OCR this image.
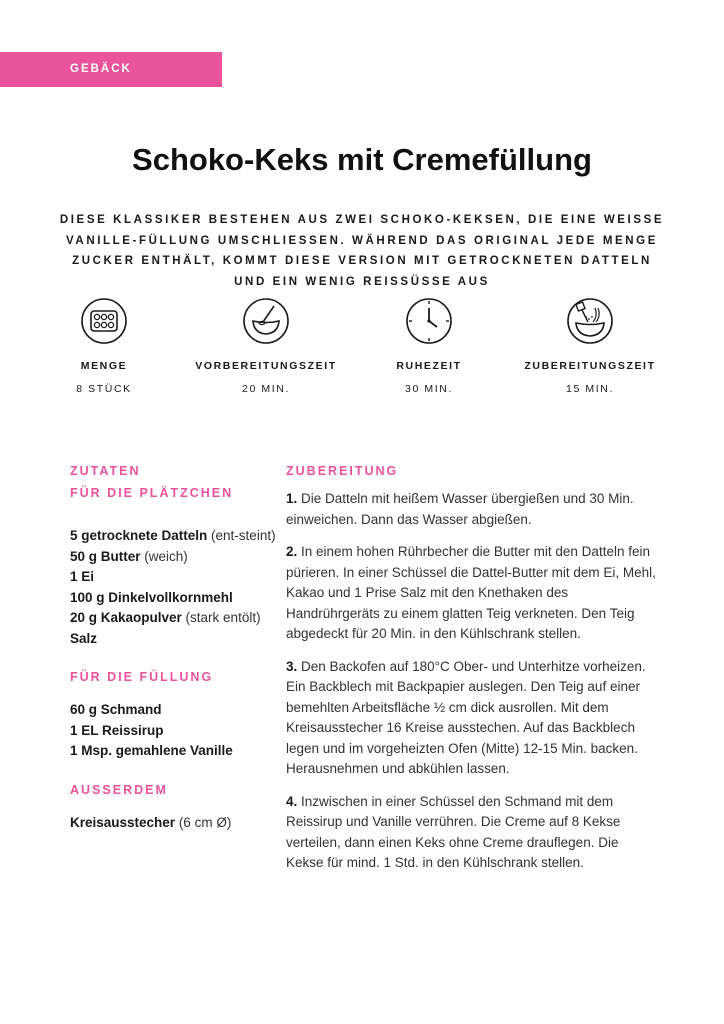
GEBÄCK
Schoko-Keks mit Cremefüllung

DIESE KLASSIKER BESTEHEN AUS ZWEI SCHOKO-KEKSEN, DIE EINE WEISSE VANILLE-FÜLLUNG UMSCHLIESSEN. WÄHREND DAS ORIGINAL JEDE MENGE ZUCKER ENTHÄLT, KOMMT DIESE VERSION MIT GETROCKNETEN DATTELN UND EIN WENIG REISSÜSSE AUS

MENGE
8 STÜCK
VORBEREITUNGSZEIT
20 MIN.
RUHEZEIT
30 MIN.
ZUBEREITUNGSZEIT
15 MIN.
ZUTATEN
FÜR DIE PLÄTZCHEN
5 getrocknete Datteln (ent-steint)
50 g Butter (weich)
1 Ei
100 g Dinkelvollkornmehl
20 g Kakaopulver (stark entölt)
Salz
FÜR DIE FÜLLUNG
60 g Schmand
1 EL Reissirup
1 Msp. gemahlene Vanille
AUSSERDEM
Kreisausstecher (6 cm Ø)
ZUBEREITUNG

1. Die Datteln mit heißem Wasser übergießen und 30 Min. einweichen. Dann das Wasser abgießen.

2. In einem hohen Rührbecher die Butter mit den Datteln fein pürieren. In einer Schüssel die Dattel-Butter mit dem Ei, Mehl, Kakao und 1 Prise Salz mit den Knethaken des Handrührgeräts zu einem glatten Teig verkneten. Den Teig abgedeckt für 20 Min. in den Kühlschrank stellen.

3. Den Backofen auf 180°C Ober- und Unterhitze vorheizen. Ein Backblech mit Backpapier auslegen. Den Teig auf einer bemehlten Arbeitsfläche ½ cm dick ausrollen. Mit dem Kreisausstecher 16 Kreise ausstechen. Auf das Backblech legen und im vorgeheizten Ofen (Mitte) 12-15 Min. backen. Herausnehmen und abkühlen lassen.

4. Inzwischen in einer Schüssel den Schmand mit dem Reissirup und Vanille verrühren. Die Creme auf 8 Kekse verteilen, dann einen Keks ohne Creme drauflegen. Die Kekse für mind. 1 Std. in den Kühlschrank stellen.
